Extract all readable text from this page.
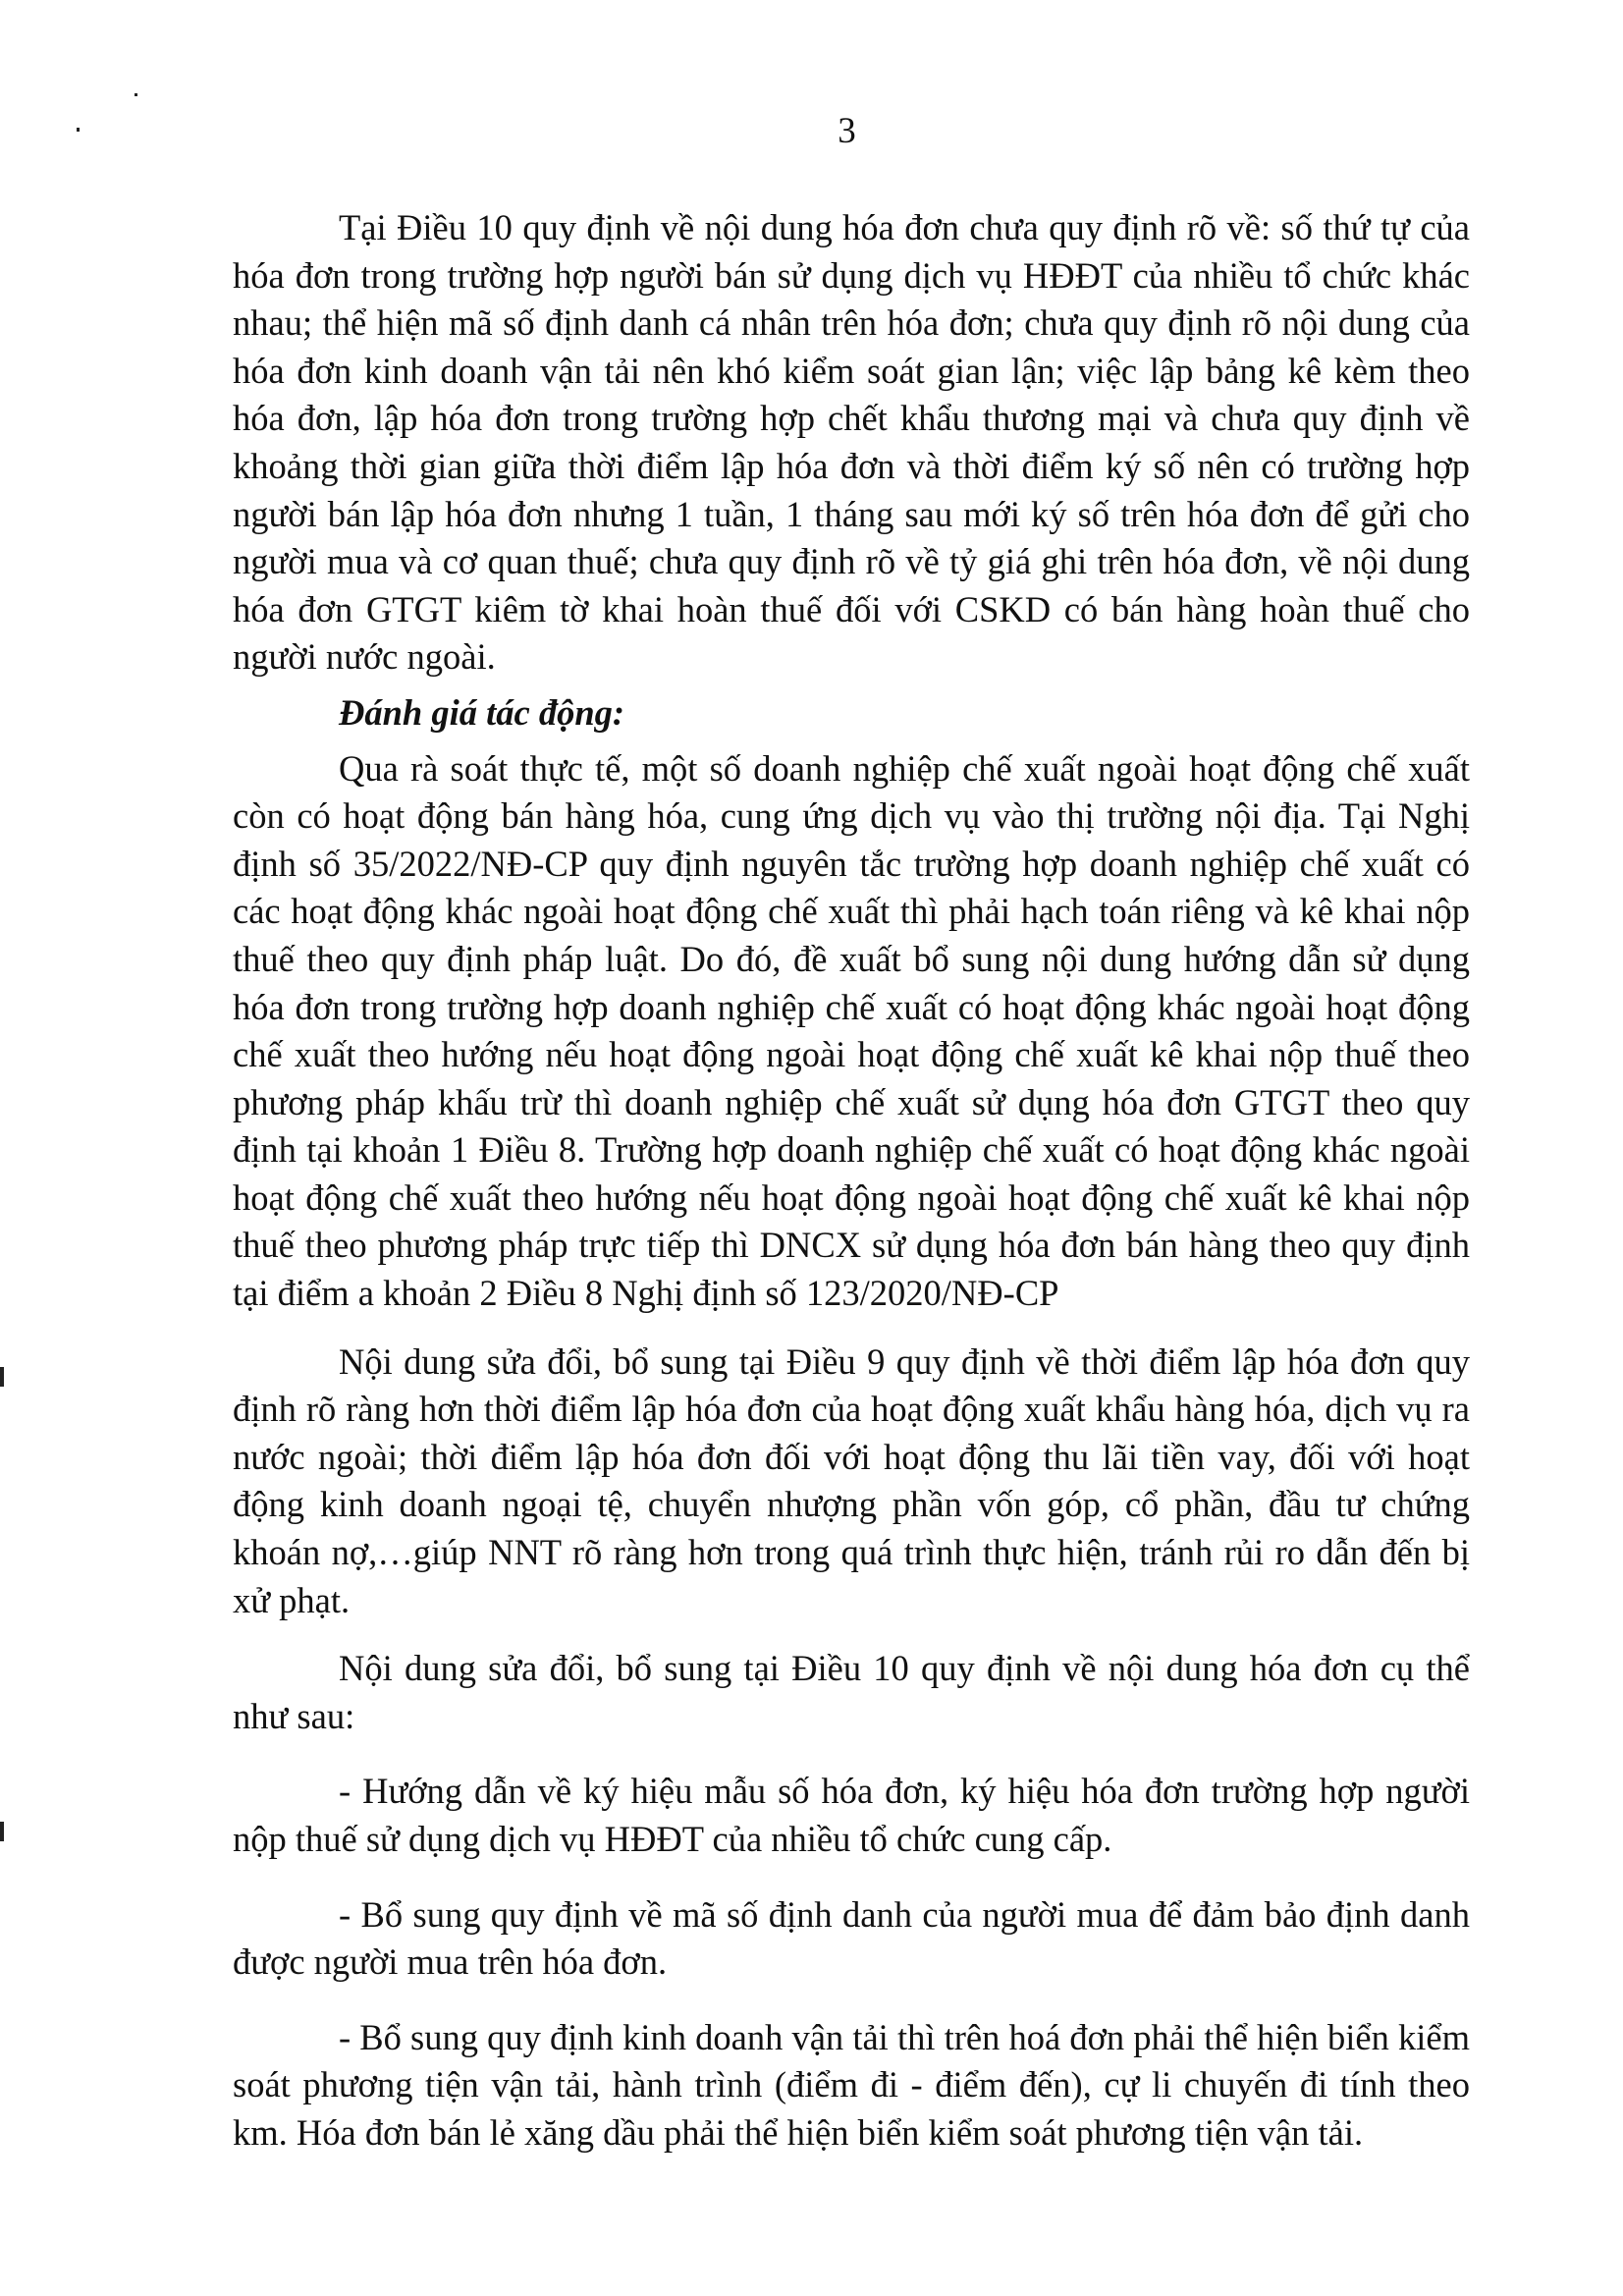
3

Tại Điều 10 quy định về nội dung hóa đơn chưa quy định rõ về: số thứ tự của hóa đơn trong trường hợp người bán sử dụng dịch vụ HĐĐT của nhiều tổ chức khác nhau; thể hiện mã số định danh cá nhân trên hóa đơn; chưa quy định rõ nội dung của hóa đơn kinh doanh vận tải nên khó kiểm soát gian lận; việc lập bảng kê kèm theo hóa đơn, lập hóa đơn trong trường hợp chết khẩu thương mại và chưa quy định về khoảng thời gian giữa thời điểm lập hóa đơn và thời điểm ký số nên có trường hợp người bán lập hóa đơn nhưng 1 tuần, 1 tháng sau mới ký số trên hóa đơn để gửi cho người mua và cơ quan thuế; chưa quy định rõ về tỷ giá ghi trên hóa đơn, về nội dung hóa đơn GTGT kiêm tờ khai hoàn thuế đối với CSKD có bán hàng hoàn thuế cho người nước ngoài.

Đánh giá tác động:

Qua rà soát thực tế, một số doanh nghiệp chế xuất ngoài hoạt động chế xuất còn có hoạt động bán hàng hóa, cung ứng dịch vụ vào thị trường nội địa. Tại Nghị định số 35/2022/NĐ-CP quy định nguyên tắc trường hợp doanh nghiệp chế xuất có các hoạt động khác ngoài hoạt động chế xuất thì phải hạch toán riêng và kê khai nộp thuế theo quy định pháp luật. Do đó, đề xuất bổ sung nội dung hướng dẫn sử dụng hóa đơn trong trường hợp doanh nghiệp chế xuất có hoạt động khác ngoài hoạt động chế xuất theo hướng nếu hoạt động ngoài hoạt động chế xuất kê khai nộp thuế theo phương pháp khấu trừ thì doanh nghiệp chế xuất sử dụng hóa đơn GTGT theo quy định tại khoản 1 Điều 8. Trường hợp doanh nghiệp chế xuất có hoạt động khác ngoài hoạt động chế xuất theo hướng nếu hoạt động ngoài hoạt động chế xuất kê khai nộp thuế theo phương pháp trực tiếp thì DNCX sử dụng hóa đơn bán hàng theo quy định tại điểm a khoản 2 Điều 8 Nghị định số 123/2020/NĐ-CP

Nội dung sửa đổi, bổ sung tại Điều 9 quy định về thời điểm lập hóa đơn quy định rõ ràng hơn thời điểm lập hóa đơn của hoạt động xuất khẩu hàng hóa, dịch vụ ra nước ngoài; thời điểm lập hóa đơn đối với hoạt động thu lãi tiền vay, đối với hoạt động kinh doanh ngoại tệ, chuyển nhượng phần vốn góp, cổ phần, đầu tư chứng khoán nợ,…giúp NNT rõ ràng hơn trong quá trình thực hiện, tránh rủi ro dẫn đến bị xử phạt.

Nội dung sửa đổi, bổ sung tại Điều 10 quy định về nội dung hóa đơn cụ thể như sau:

- Hướng dẫn về ký hiệu mẫu số hóa đơn, ký hiệu hóa đơn trường hợp người nộp thuế sử dụng dịch vụ HĐĐT của nhiều tổ chức cung cấp.

- Bổ sung quy định về mã số định danh của người mua để đảm bảo định danh được người mua trên hóa đơn.

- Bổ sung quy định kinh doanh vận tải thì trên hoá đơn phải thể hiện biển kiểm soát phương tiện vận tải, hành trình (điểm đi - điểm đến), cự li chuyến đi tính theo km. Hóa đơn bán lẻ xăng dầu phải thể hiện biển kiểm soát phương tiện vận tải.
